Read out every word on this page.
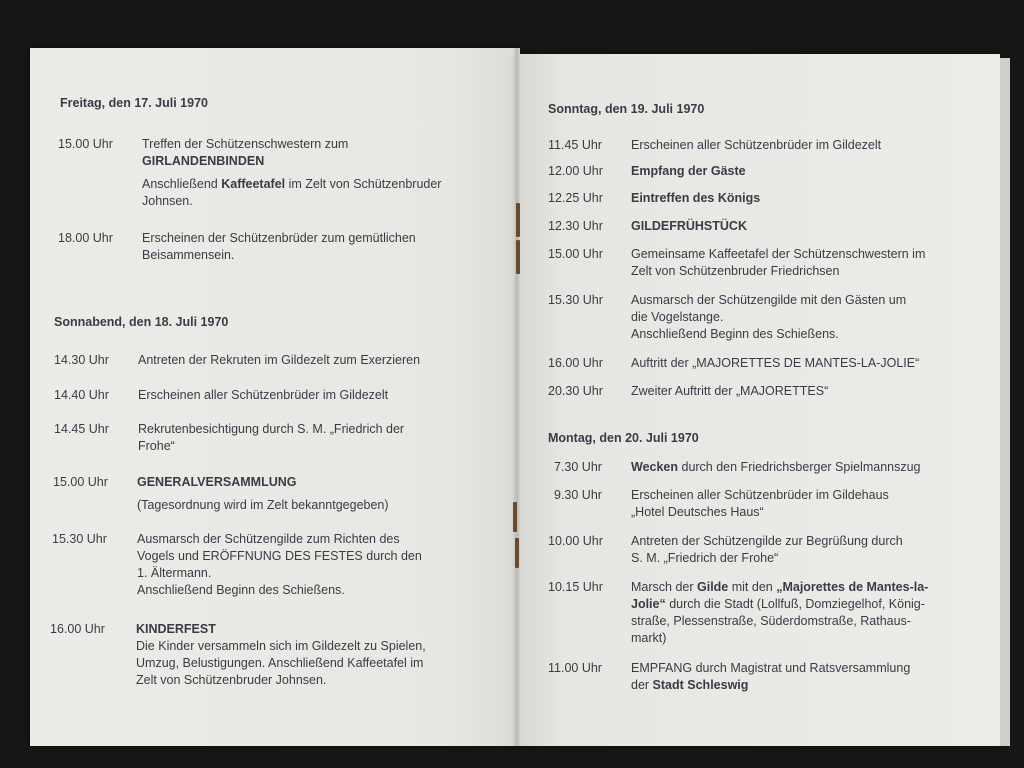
Freitag, den 17. Juli 1970
15.00 Uhr Treffen der Schützenschwestern zum
GIRLANDENBINDEN
Anschließend Kaffeetafel im Zelt von Schützenbruder
Johnsen.
18.00 Uhr Erscheinen der Schützenbrüder zum gemütlichen
Beisammensein.
Sonnabend, den 18. Juli 1970
14.30 Uhr Antreten der Rekruten im Gildezelt zum Exerzieren
14.40 Uhr Erscheinen aller Schützenbrüder im Gildezelt
14.45 Uhr Rekrutenbesichtigung durch S. M. „Friedrich der
Frohe“
15.00 Uhr GENERALVERSAMMLUNG
(Tagesordnung wird im Zelt bekanntgegeben)
15.30 Uhr Ausmarsch der Schützengilde zum Richten des
Vogels und ERÖFFNUNG DES FESTES durch den
1. Ältermann.
Anschließend Beginn des Schießens.
16.00 Uhr KINDERFEST
Die Kinder versammeln sich im Gildezelt zu Spielen,
Umzug, Belustigungen. Anschließend Kaffeetafel im
Zelt von Schützenbruder Johnsen.
Sonntag, den 19. Juli 1970
11.45 Uhr Erscheinen aller Schützenbrüder im Gildezelt
12.00 Uhr Empfang der Gäste
12.25 Uhr Eintreffen des Königs
12.30 Uhr GILDEFRÜHSTÜCK
15.00 Uhr Gemeinsame Kaffeetafel der Schützenschwestern im
Zelt von Schützenbruder Friedrichsen
15.30 Uhr Ausmarsch der Schützengilde mit den Gästen um
die Vogelstange.
Anschließend Beginn des Schießens.
16.00 Uhr Auftritt der „MAJORETTES DE MANTES-LA-JOLIE“
20.30 Uhr Zweiter Auftritt der „MAJORETTES“
Montag, den 20. Juli 1970
7.30 Uhr Wecken durch den Friedrichsberger Spielmannszug
9.30 Uhr Erscheinen aller Schützenbrüder im Gildehaus
„Hotel Deutsches Haus“
10.00 Uhr Antreten der Schützengilde zur Begrüßung durch
S. M. „Friedrich der Frohe“
10.15 Uhr Marsch der Gilde mit den „Majorettes de Mantes-la-
Jolie“ durch die Stadt (Lollfuß, Domziegelhof, König-
straße, Plessenstraße, Süderdomstraße, Rathaus-
markt)
11.00 Uhr EMPFANG durch Magistrat und Ratsversammlung
der Stadt Schleswig
